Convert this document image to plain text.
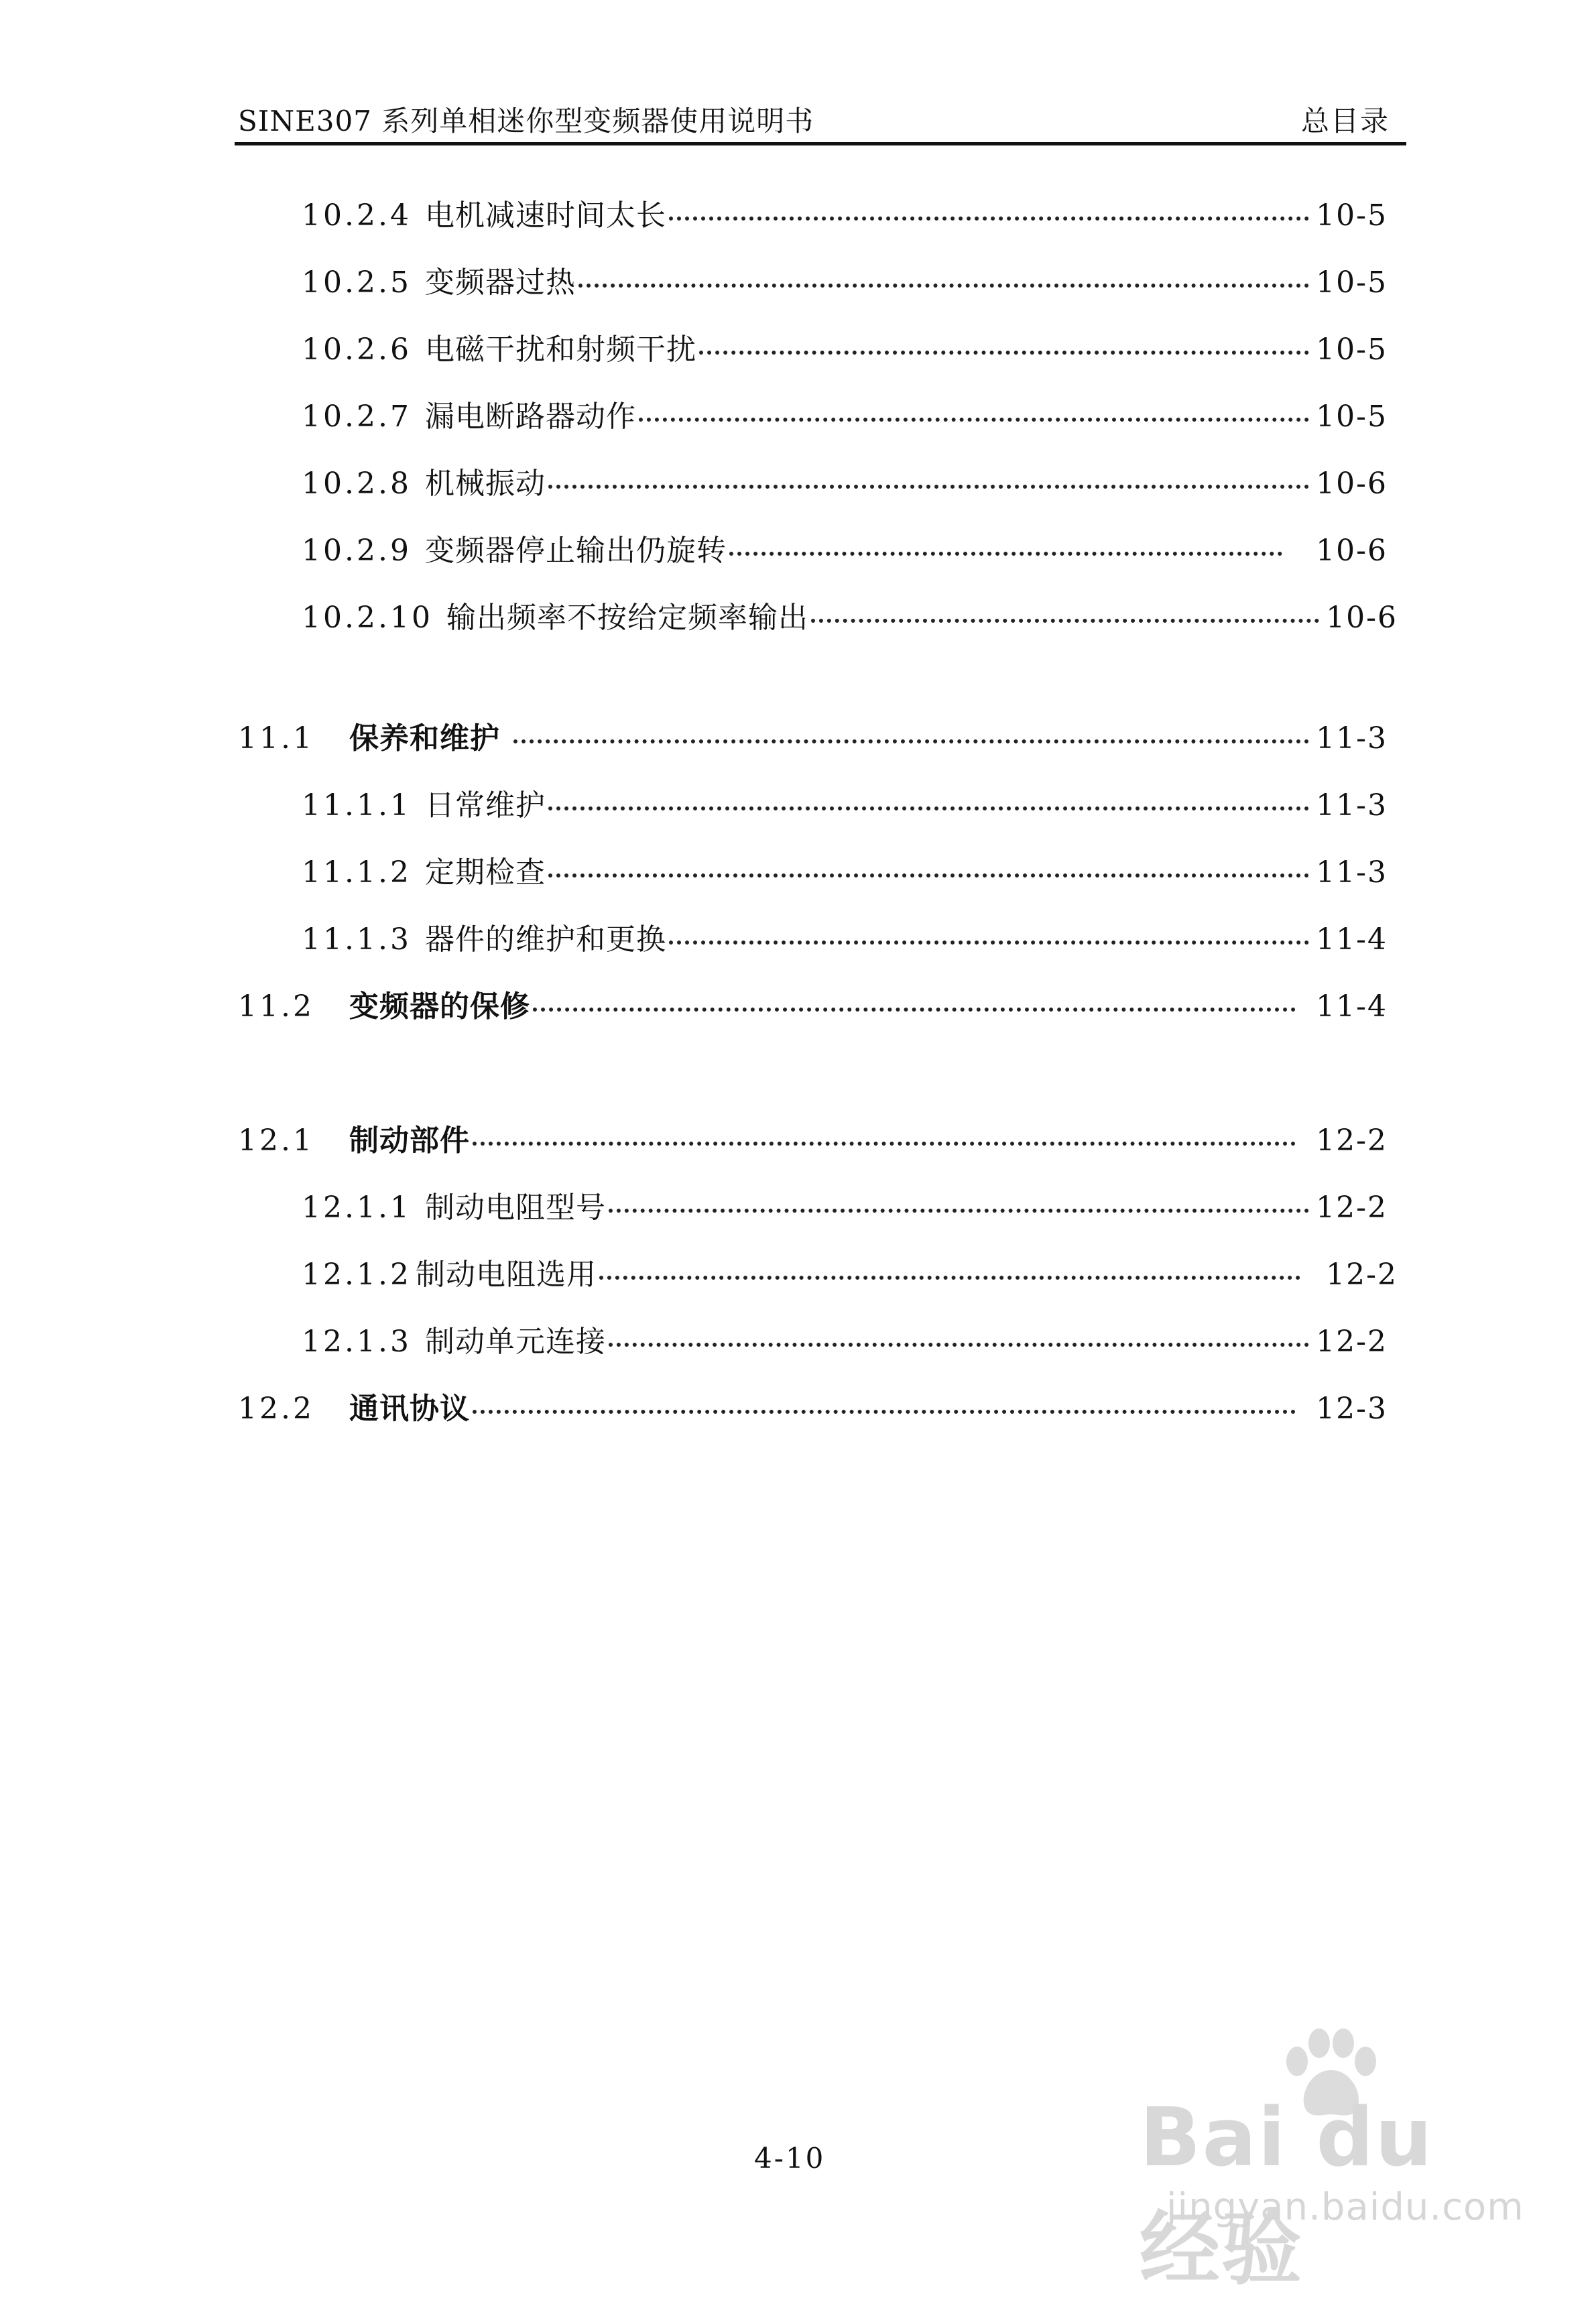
SINE307 系列单相迷你型变频器使用说明书	总目录
10.2.4 电机减速时间太长	10-5
10.2.5 变频器过热	10-5
10.2.6 电磁干扰和射频干扰	10-5
10.2.7 漏电断路器动作	10-5
10.2.8 机械振动	10-6
10.2.9 变频器停止输出仍旋转	10-6
10.2.10 输出频率不按给定频率输出	10-6
11.1 保养和维护	11-3
11.1.1 日常维护	11-3
11.1.2 定期检查	11-3
11.1.3 器件的维护和更换	11-4
11.2 变频器的保修	11-4
12.1 制动部件	12-2
12.1.1 制动电阻型号	12-2
12.1.2 制动电阻选用	12-2
12.1.3 制动单元连接	12-2
12.2 通讯协议	12-3
4-10	Bai du 经验
jingyan.baidu.com
